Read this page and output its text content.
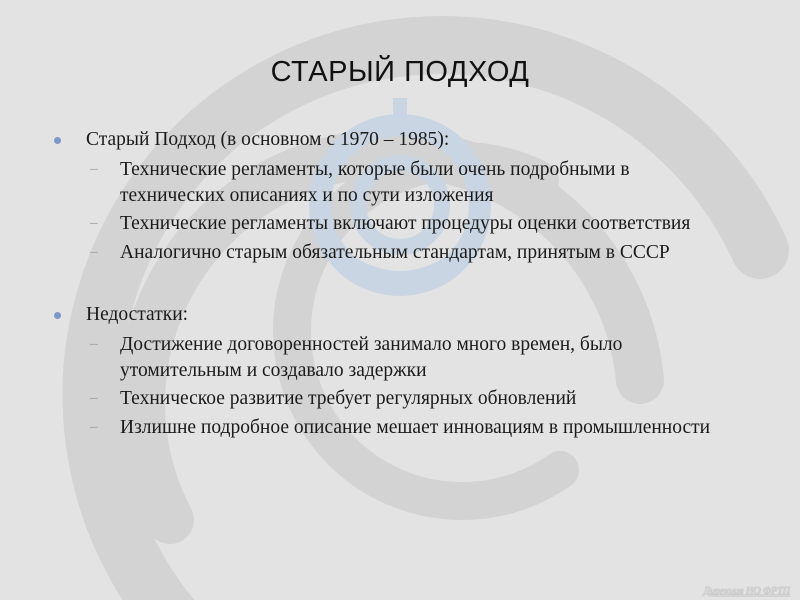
СТАРЫЙ ПОДХОД
Старый Подход (в основном с 1970 – 1985):
– Технические регламенты, которые были очень подробными в технических описаниях и по сути изложения
– Технические регламенты включают процедуры оценки соответствия
– Аналогично старым обязательным стандартам, принятым в СССР
Недостатки:
– Достижение договоренностей занимало много времен, было утомительным и создавало задержки
– Техническое развитие требует регулярных обновлений
– Излишне подробное описание мешает инновациям в промышленности
Дирекция НО ФРТП
